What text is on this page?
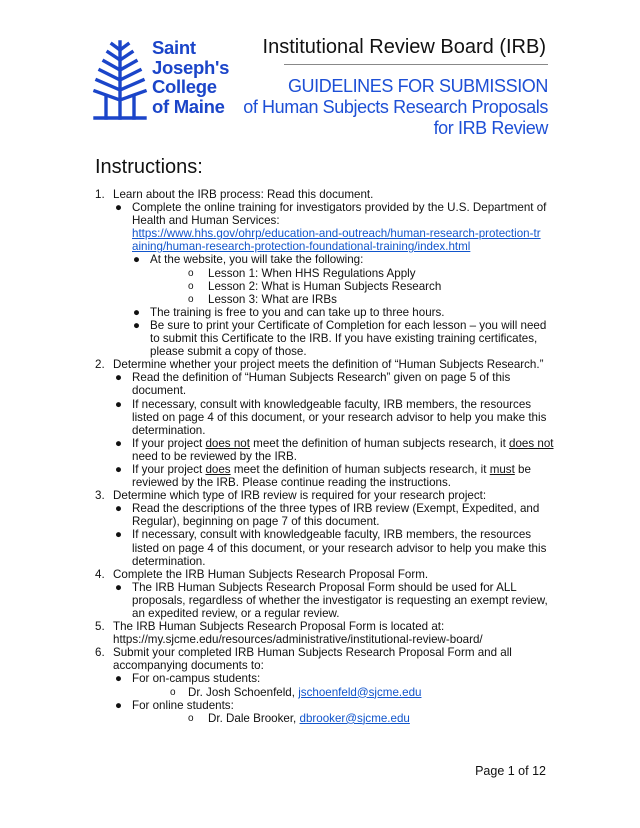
Saint
Joseph's
College
of Maine
Institutional Review Board (IRB)
GUIDELINES FOR SUBMISSION
of Human Subjects Research Proposals
for IRB Review
Instructions:
1. Learn about the IRB process: Read this document.
● Complete the online training for investigators provided by the U.S. Department of Health and Human Services:
https://www.hhs.gov/ohrp/education-and-outreach/human-research-protection-tr
aining/human-research-protection-foundational-training/index.html
● At the website, you will take the following:
o Lesson 1: When HHS Regulations Apply
o Lesson 2: What is Human Subjects Research
o Lesson 3: What are IRBs
● The training is free to you and can take up to three hours.
● Be sure to print your Certificate of Completion for each lesson – you will need to submit this Certificate to the IRB. If you have existing training certificates, please submit a copy of those.
2. Determine whether your project meets the definition of “Human Subjects Research.”
● Read the definition of “Human Subjects Research” given on page 5 of this document.
● If necessary, consult with knowledgeable faculty, IRB members, the resources listed on page 4 of this document, or your research advisor to help you make this determination.
● If your project does not meet the definition of human subjects research, it does not need to be reviewed by the IRB.
● If your project does meet the definition of human subjects research, it must be reviewed by the IRB. Please continue reading the instructions.
3. Determine which type of IRB review is required for your research project:
● Read the descriptions of the three types of IRB review (Exempt, Expedited, and Regular), beginning on page 7 of this document.
● If necessary, consult with knowledgeable faculty, IRB members, the resources listed on page 4 of this document, or your research advisor to help you make this determination.
4. Complete the IRB Human Subjects Research Proposal Form.
● The IRB Human Subjects Research Proposal Form should be used for ALL proposals, regardless of whether the investigator is requesting an exempt review, an expedited review, or a regular review.
5. The IRB Human Subjects Research Proposal Form is located at:
https://my.sjcme.edu/resources/administrative/institutional-review-board/
6. Submit your completed IRB Human Subjects Research Proposal Form and all accompanying documents to:
● For on-campus students:
o Dr. Josh Schoenfeld, jschoenfeld@sjcme.edu
● For online students:
o Dr. Dale Brooker, dbrooker@sjcme.edu
Page 1 of 12
